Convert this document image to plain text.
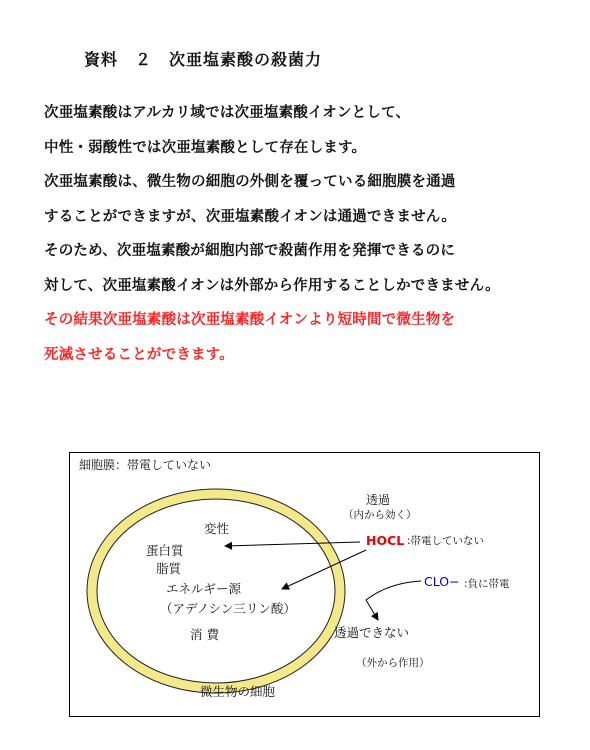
資料　２　次亜塩素酸の殺菌力
次亜塩素酸はアルカリ域では次亜塩素酸イオンとして、
中性・弱酸性では次亜塩素酸として存在します。
次亜塩素酸は、微生物の細胞の外側を覆っている細胞膜を通過
することができますが、次亜塩素酸イオンは通過できません。
そのため、次亜塩素酸が細胞内部で殺菌作用を発揮できるのに
対して、次亜塩素酸イオンは外部から作用することしかできません。
その結果次亜塩素酸は次亜塩素酸イオンより短時間で微生物を
死滅させることができます。
細胞膜：帯電していない
透過
（内から効く）
変性
蛋白質
脂質
エネルギー源
（アデノシン三リン酸）
消 費
HOCL :帯電していない
CLO− :負に帯電
透過できない
（外から作用）
微生物の細胞
